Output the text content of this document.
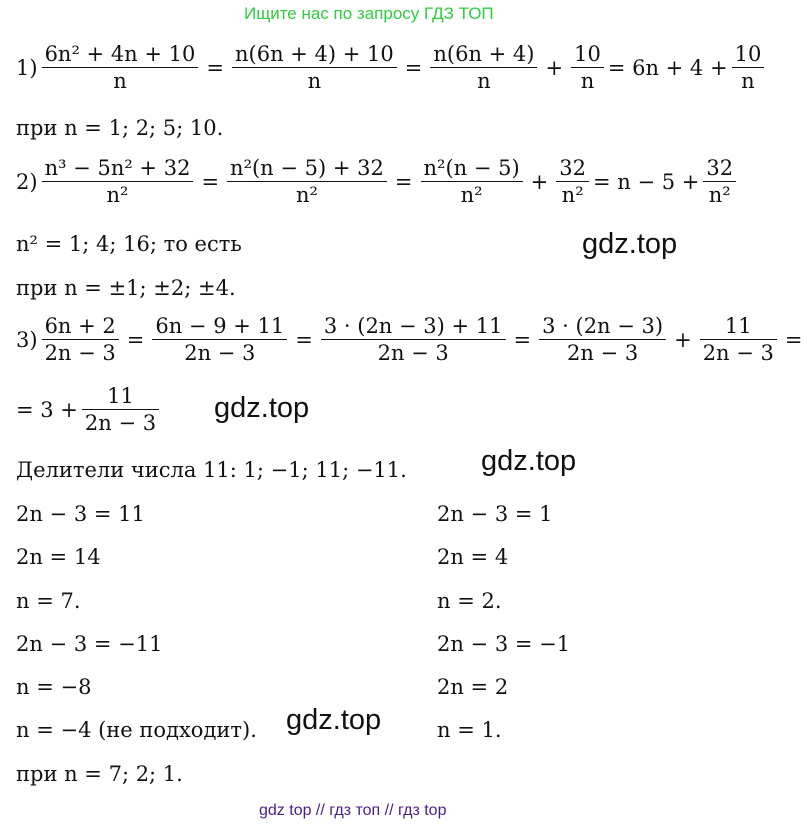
Ищите нас по запросу ГДЗ ТОП
$1) \frac{\text{6n² + 4n + 10}}{n} = \frac{n(6n + 4) + 10}{n} = \frac{n(6n + 4)}{n} + \frac{10}{n} = 6n + 4 + \frac{10}{n}$
при n = 1; 2; 5; 10.
$2) \frac{\text{n³ − 5n² + 32}}{\text{n²}} = \frac{\text{n²(n − 5) + 32}}{\text{n²}} = \frac{\text{n²(n − 5)}}{\text{n²}} + \frac{32}{\text{n²}} = n - 5 + \frac{32}{\text{n²}}$
n² = 1; 4; 16; то есть	gdz.top
при n = ±1; ±2; ±4.
$3) \frac{6n + 2}{2n - 3} = \frac{6n - 9 + 11}{2n - 3} = \frac{3 \cdot (2n - 3) + 11}{2n - 3} = \frac{3 \cdot (2n - 3)}{2n - 3} + \frac{11}{2n - 3}$ =
= $3 + \frac{11}{2n - 3} gdz.top$
Делители числа 11: 1; −1; 11; −11.	gdz.top
2n − 3 = 11
2n = 14
n = 7.
2n − 3 = −11
n = −8
n = −4 (не подходит). gdz.top
2n − 3 = 1
2n = 4
n = 2.
2n − 3 = −1
2n = 2
n = 1.
при n = 7; 2; 1.
gdz top // гдз топ // гдз top
